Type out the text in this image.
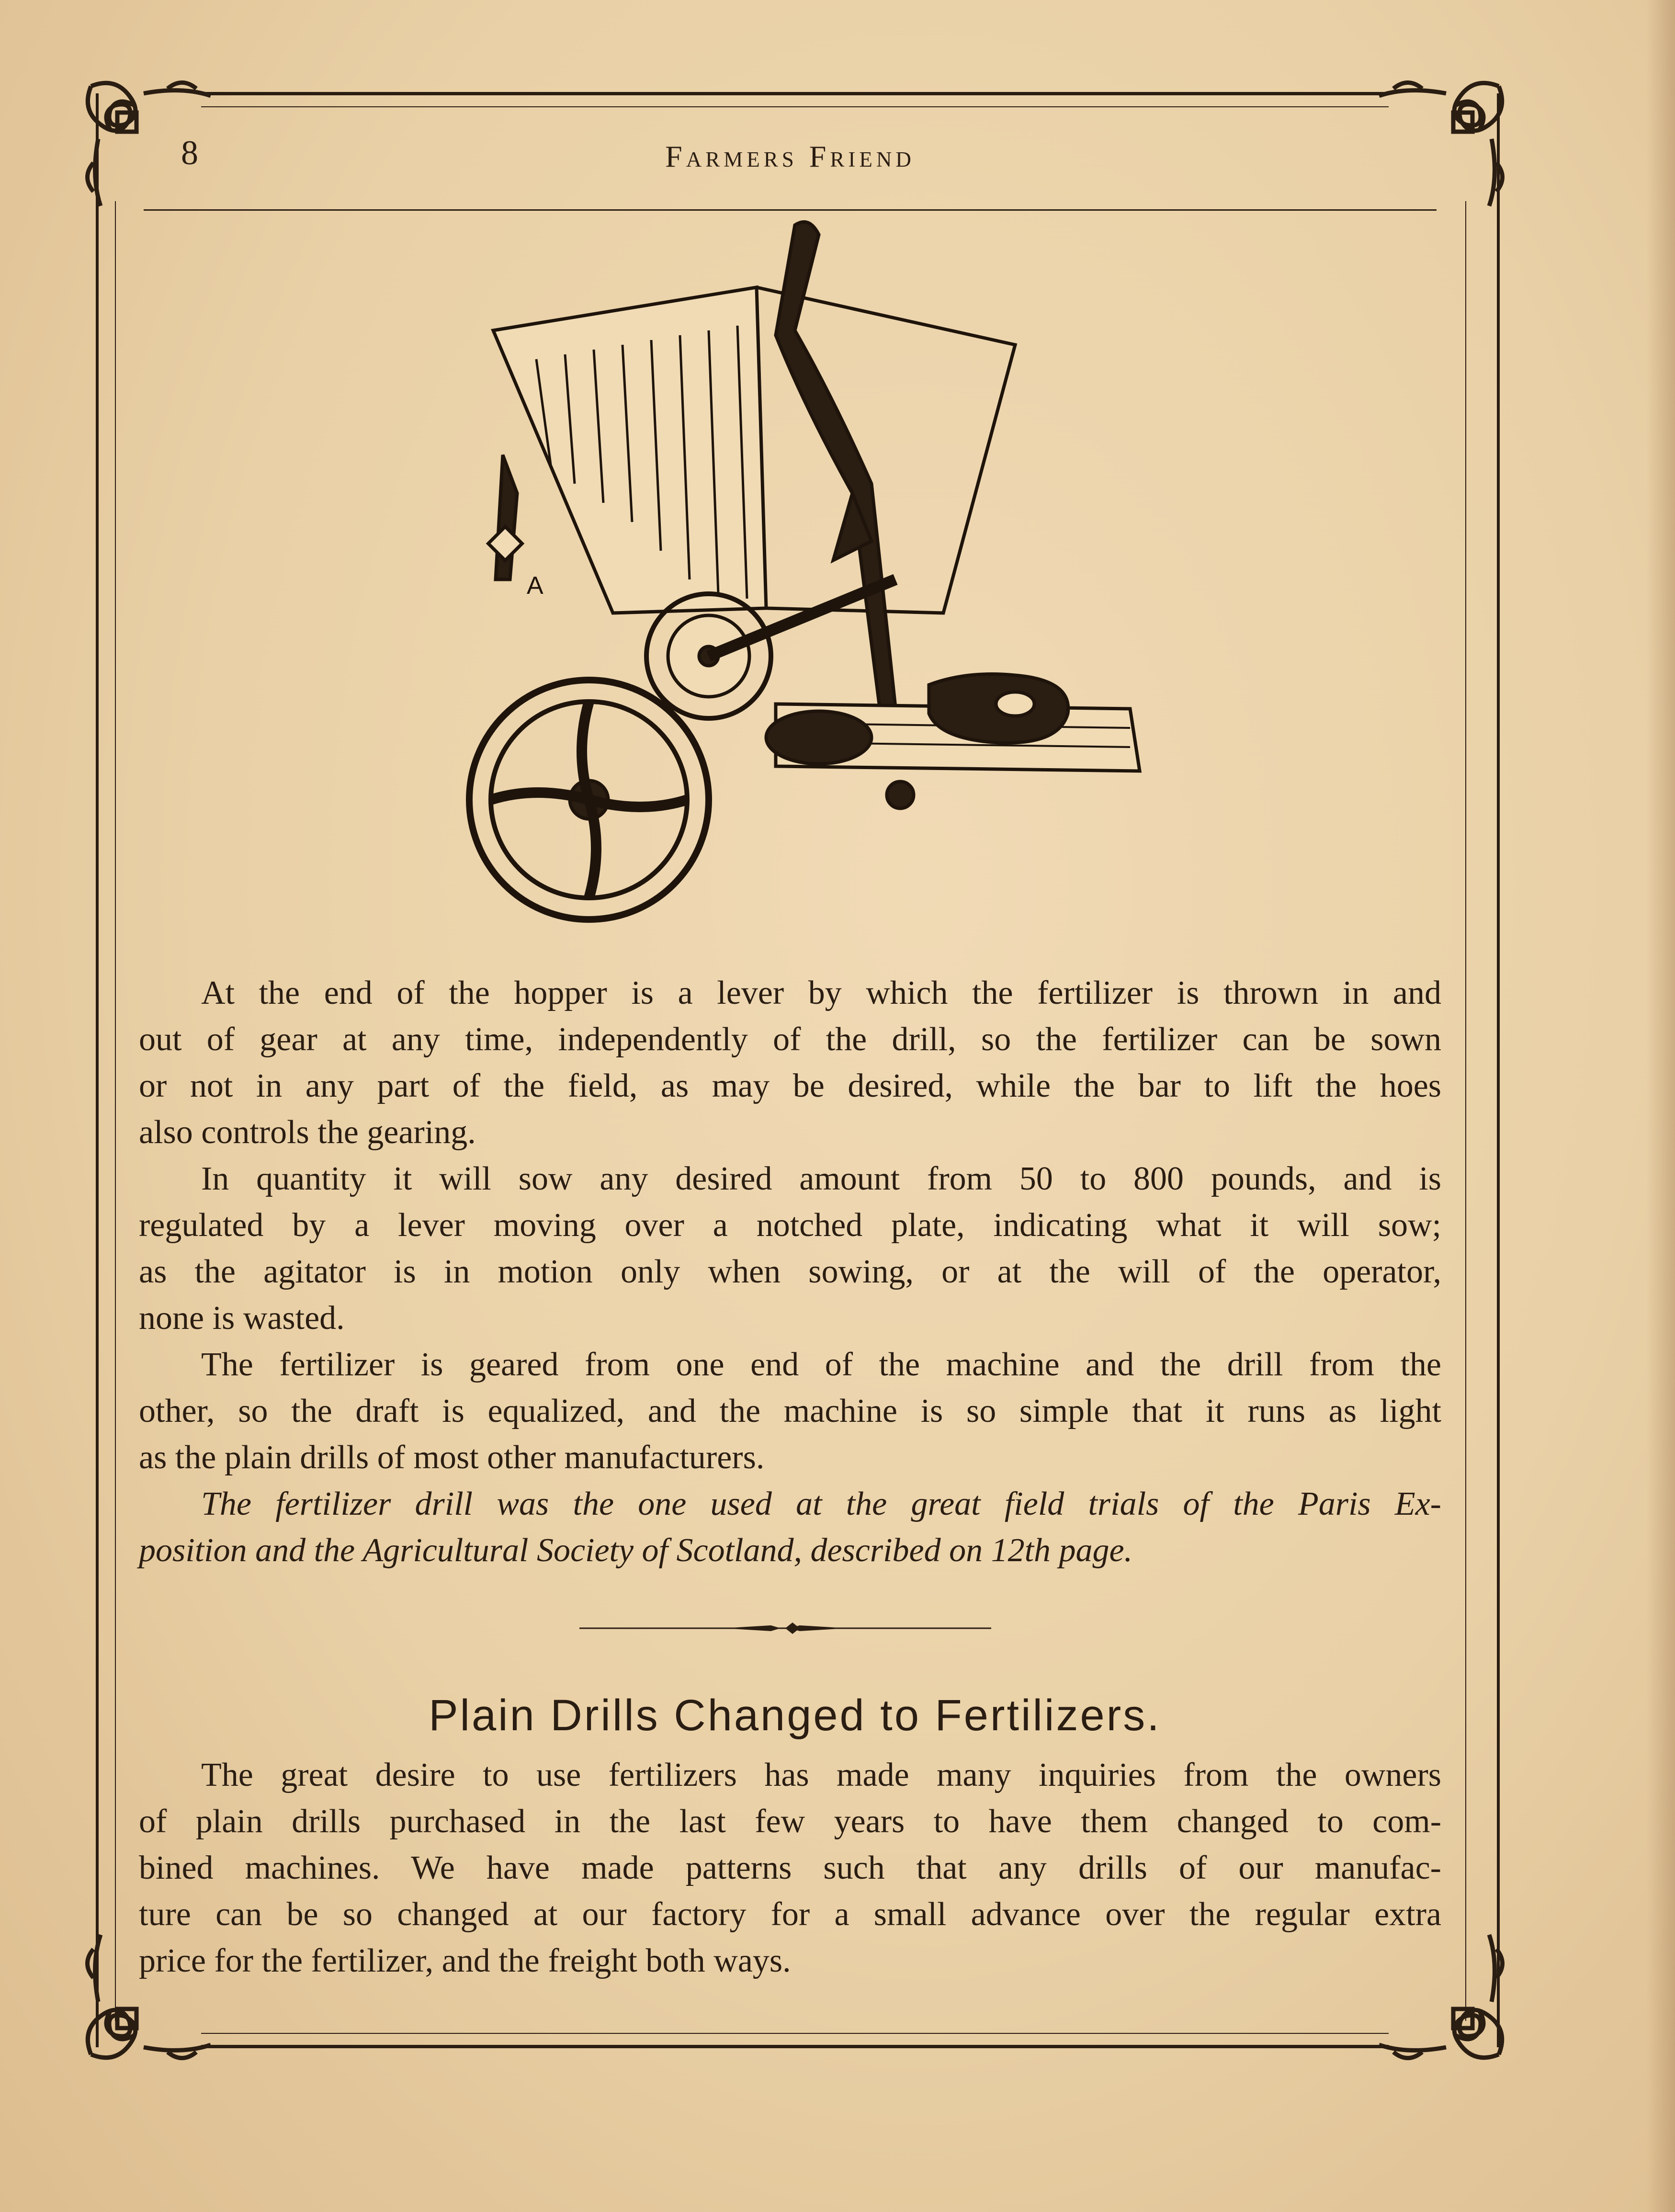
8	Farmers Friend
A

At the end of the hopper is a lever by which the fertilizer is thrown in and

out of gear at any time, independently of the drill, so the fertilizer can be sown

or not in any part of the field, as may be desired, while the bar to lift the hoes

also controls the gearing.

In quantity it will sow any desired amount from 50 to 800 pounds, and is

regulated by a lever moving over a notched plate, indicating what it will sow;

as the agitator is in motion only when sowing, or at the will of the operator,

none is wasted.

The fertilizer is geared from one end of the machine and the drill from the

other, so the draft is equalized, and the machine is so simple that it runs as light

as the plain drills of most other manufacturers.

The fertilizer drill was the one used at the great field trials of the Paris Ex-

position and the Agricultural Society of Scotland, described on 12th page.

Plain Drills Changed to Fertilizers.

The great desire to use fertilizers has made many inquiries from the owners

of plain drills purchased in the last few years to have them changed to com-

bined machines. We have made patterns such that any drills of our manufac-

ture can be so changed at our factory for a small advance over the regular extra

price for the fertilizer, and the freight both ways.
